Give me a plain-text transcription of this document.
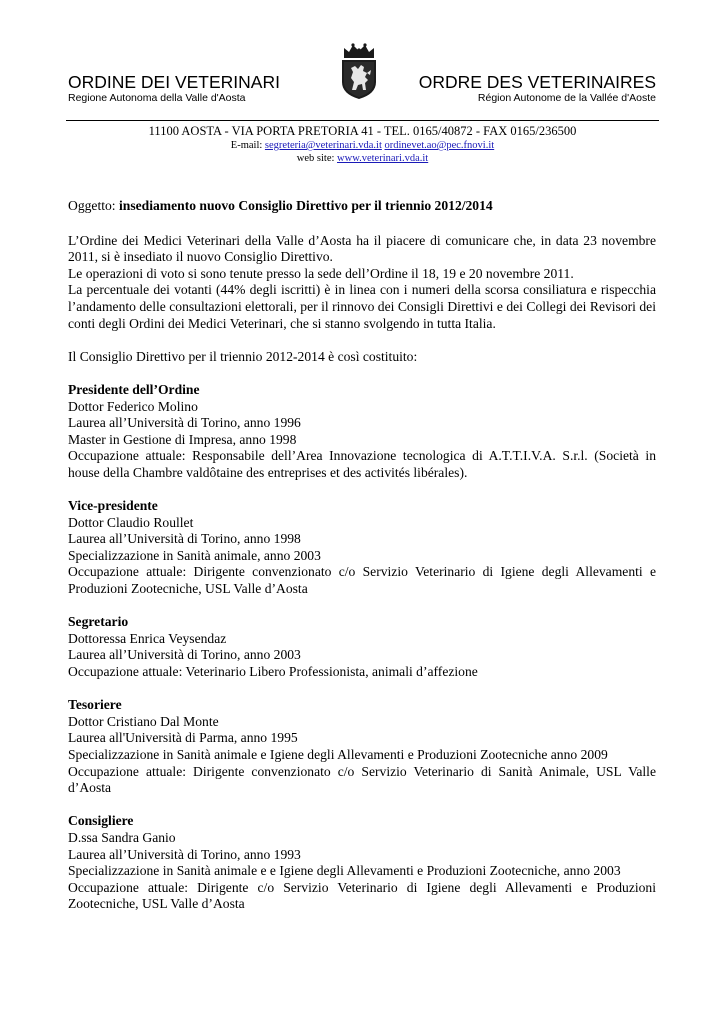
ORDINE DEI VETERINARI
Regione Autonoma della Valle d'Aosta
ORDRE DES VETERINAIRES
Région Autonome de la Vallée d'Aoste
11100 AOSTA - VIA PORTA PRETORIA 41 - TEL. 0165/40872 - FAX 0165/236500
E-mail: segreteria@veterinari.vda.it ordinevet.ao@pec.fnovi.it
web site: www.veterinari.vda.it

Oggetto: insediamento nuovo Consiglio Direttivo per il triennio 2012/2014

L’Ordine dei Medici Veterinari della Valle d’Aosta ha il piacere di comunicare che, in data 23 novembre 2011, si è insediato il nuovo Consiglio Direttivo.

Le operazioni di voto si sono tenute presso la sede dell’Ordine il 18, 19 e 20 novembre 2011.

La percentuale dei votanti (44% degli iscritti) è in linea con i numeri della scorsa consiliatura e rispecchia l’andamento delle consultazioni elettorali, per il rinnovo dei Consigli Direttivi e dei Collegi dei Revisori dei conti degli Ordini dei Medici Veterinari, che si stanno svolgendo in tutta Italia.

Il Consiglio Direttivo per il triennio 2012-2014 è così costituito:

Presidente dell’Ordine

Dottor Federico Molino

Laurea all’Università di Torino, anno 1996

Master in Gestione di Impresa, anno 1998

Occupazione attuale: Responsabile dell’Area Innovazione tecnologica di A.T.T.I.V.A. S.r.l. (Società in house della Chambre valdôtaine des entreprises et des activités libérales).

Vice-presidente

Dottor Claudio Roullet

Laurea all’Università di Torino, anno 1998

Specializzazione in Sanità animale, anno 2003

Occupazione attuale: Dirigente convenzionato c/o Servizio Veterinario di Igiene degli Allevamenti e Produzioni Zootecniche, USL Valle d’Aosta

Segretario

Dottoressa Enrica Veysendaz

Laurea all’Università di Torino, anno 2003

Occupazione attuale: Veterinario Libero Professionista, animali d’affezione

Tesoriere

Dottor Cristiano Dal Monte

Laurea all'Università di Parma, anno 1995

Specializzazione in Sanità animale e Igiene degli Allevamenti e Produzioni Zootecniche anno 2009

Occupazione attuale: Dirigente convenzionato c/o Servizio Veterinario di Sanità Animale, USL Valle d’Aosta

Consigliere

D.ssa Sandra Ganio

Laurea all’Università di Torino, anno 1993

Specializzazione in Sanità animale e e Igiene degli Allevamenti e Produzioni Zootecniche, anno 2003

Occupazione attuale: Dirigente c/o Servizio Veterinario di Igiene degli Allevamenti e Produzioni Zootecniche, USL Valle d’Aosta
